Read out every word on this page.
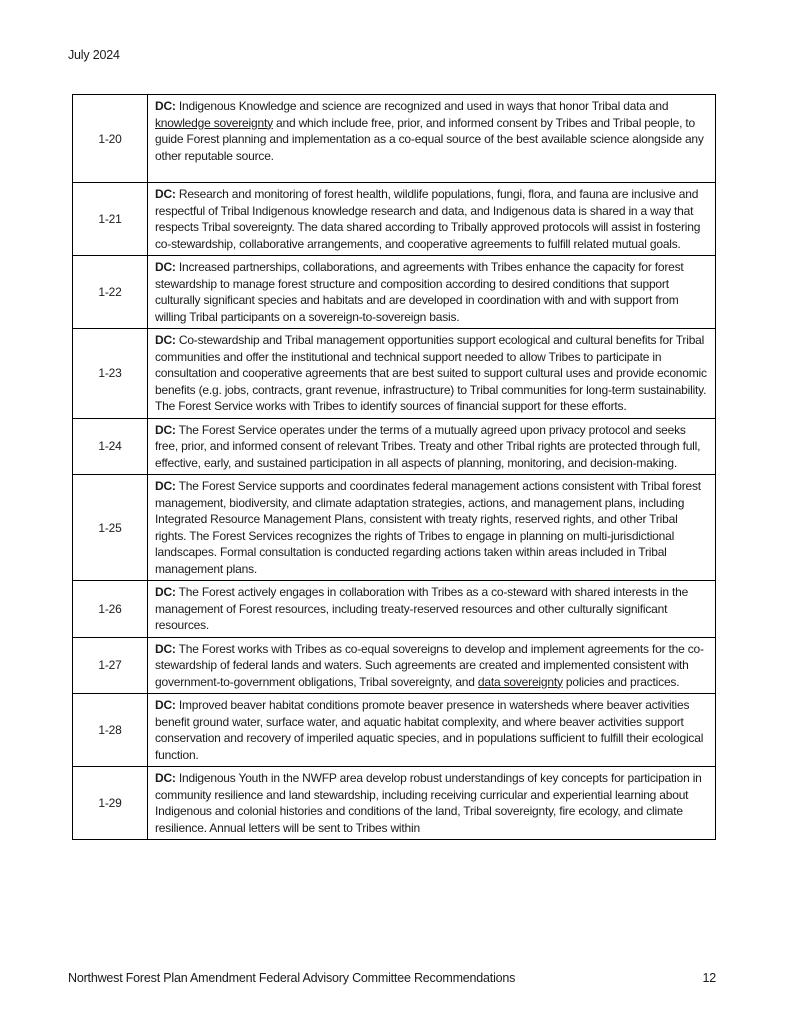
July 2024
1-20	DC: Indigenous Knowledge and science are recognized and used in ways that honor Tribal data and knowledge sovereignty and which include free, prior, and informed consent by Tribes and Tribal people, to guide Forest planning and implementation as a co-equal source of the best available science alongside any other reputable source.
1-21	DC: Research and monitoring of forest health, wildlife populations, fungi, flora, and fauna are inclusive and respectful of Tribal Indigenous knowledge research and data, and Indigenous data is shared in a way that respects Tribal sovereignty. The data shared according to Tribally approved protocols will assist in fostering co-stewardship, collaborative arrangements, and cooperative agreements to fulfill related mutual goals.
1-22	DC: Increased partnerships, collaborations, and agreements with Tribes enhance the capacity for forest stewardship to manage forest structure and composition according to desired conditions that support culturally significant species and habitats and are developed in coordination with and with support from willing Tribal participants on a sovereign-to-sovereign basis.
1-23	DC: Co-stewardship and Tribal management opportunities support ecological and cultural benefits for Tribal communities and offer the institutional and technical support needed to allow Tribes to participate in consultation and cooperative agreements that are best suited to support cultural uses and provide economic benefits (e.g. jobs, contracts, grant revenue, infrastructure) to Tribal communities for long-term sustainability. The Forest Service works with Tribes to identify sources of financial support for these efforts.
1-24	DC: The Forest Service operates under the terms of a mutually agreed upon privacy protocol and seeks free, prior, and informed consent of relevant Tribes. Treaty and other Tribal rights are protected through full, effective, early, and sustained participation in all aspects of planning, monitoring, and decision-making.
1-25	DC: The Forest Service supports and coordinates federal management actions consistent with Tribal forest management, biodiversity, and climate adaptation strategies, actions, and management plans, including Integrated Resource Management Plans, consistent with treaty rights, reserved rights, and other Tribal rights. The Forest Services recognizes the rights of Tribes to engage in planning on multi-jurisdictional landscapes. Formal consultation is conducted regarding actions taken within areas included in Tribal management plans.
1-26	DC: The Forest actively engages in collaboration with Tribes as a co-steward with shared interests in the management of Forest resources, including treaty-reserved resources and other culturally significant resources.
1-27	DC: The Forest works with Tribes as co-equal sovereigns to develop and implement agreements for the co-stewardship of federal lands and waters. Such agreements are created and implemented consistent with government-to-government obligations, Tribal sovereignty, and data sovereignty policies and practices.
1-28	DC: Improved beaver habitat conditions promote beaver presence in watersheds where beaver activities benefit ground water, surface water, and aquatic habitat complexity, and where beaver activities support conservation and recovery of imperiled aquatic species, and in populations sufficient to fulfill their ecological function.
1-29	DC: Indigenous Youth in the NWFP area develop robust understandings of key concepts for participation in community resilience and land stewardship, including receiving curricular and experiential learning about Indigenous and colonial histories and conditions of the land, Tribal sovereignty, fire ecology, and climate resilience. Annual letters will be sent to Tribes within
Northwest Forest Plan Amendment Federal Advisory Committee Recommendations	12
